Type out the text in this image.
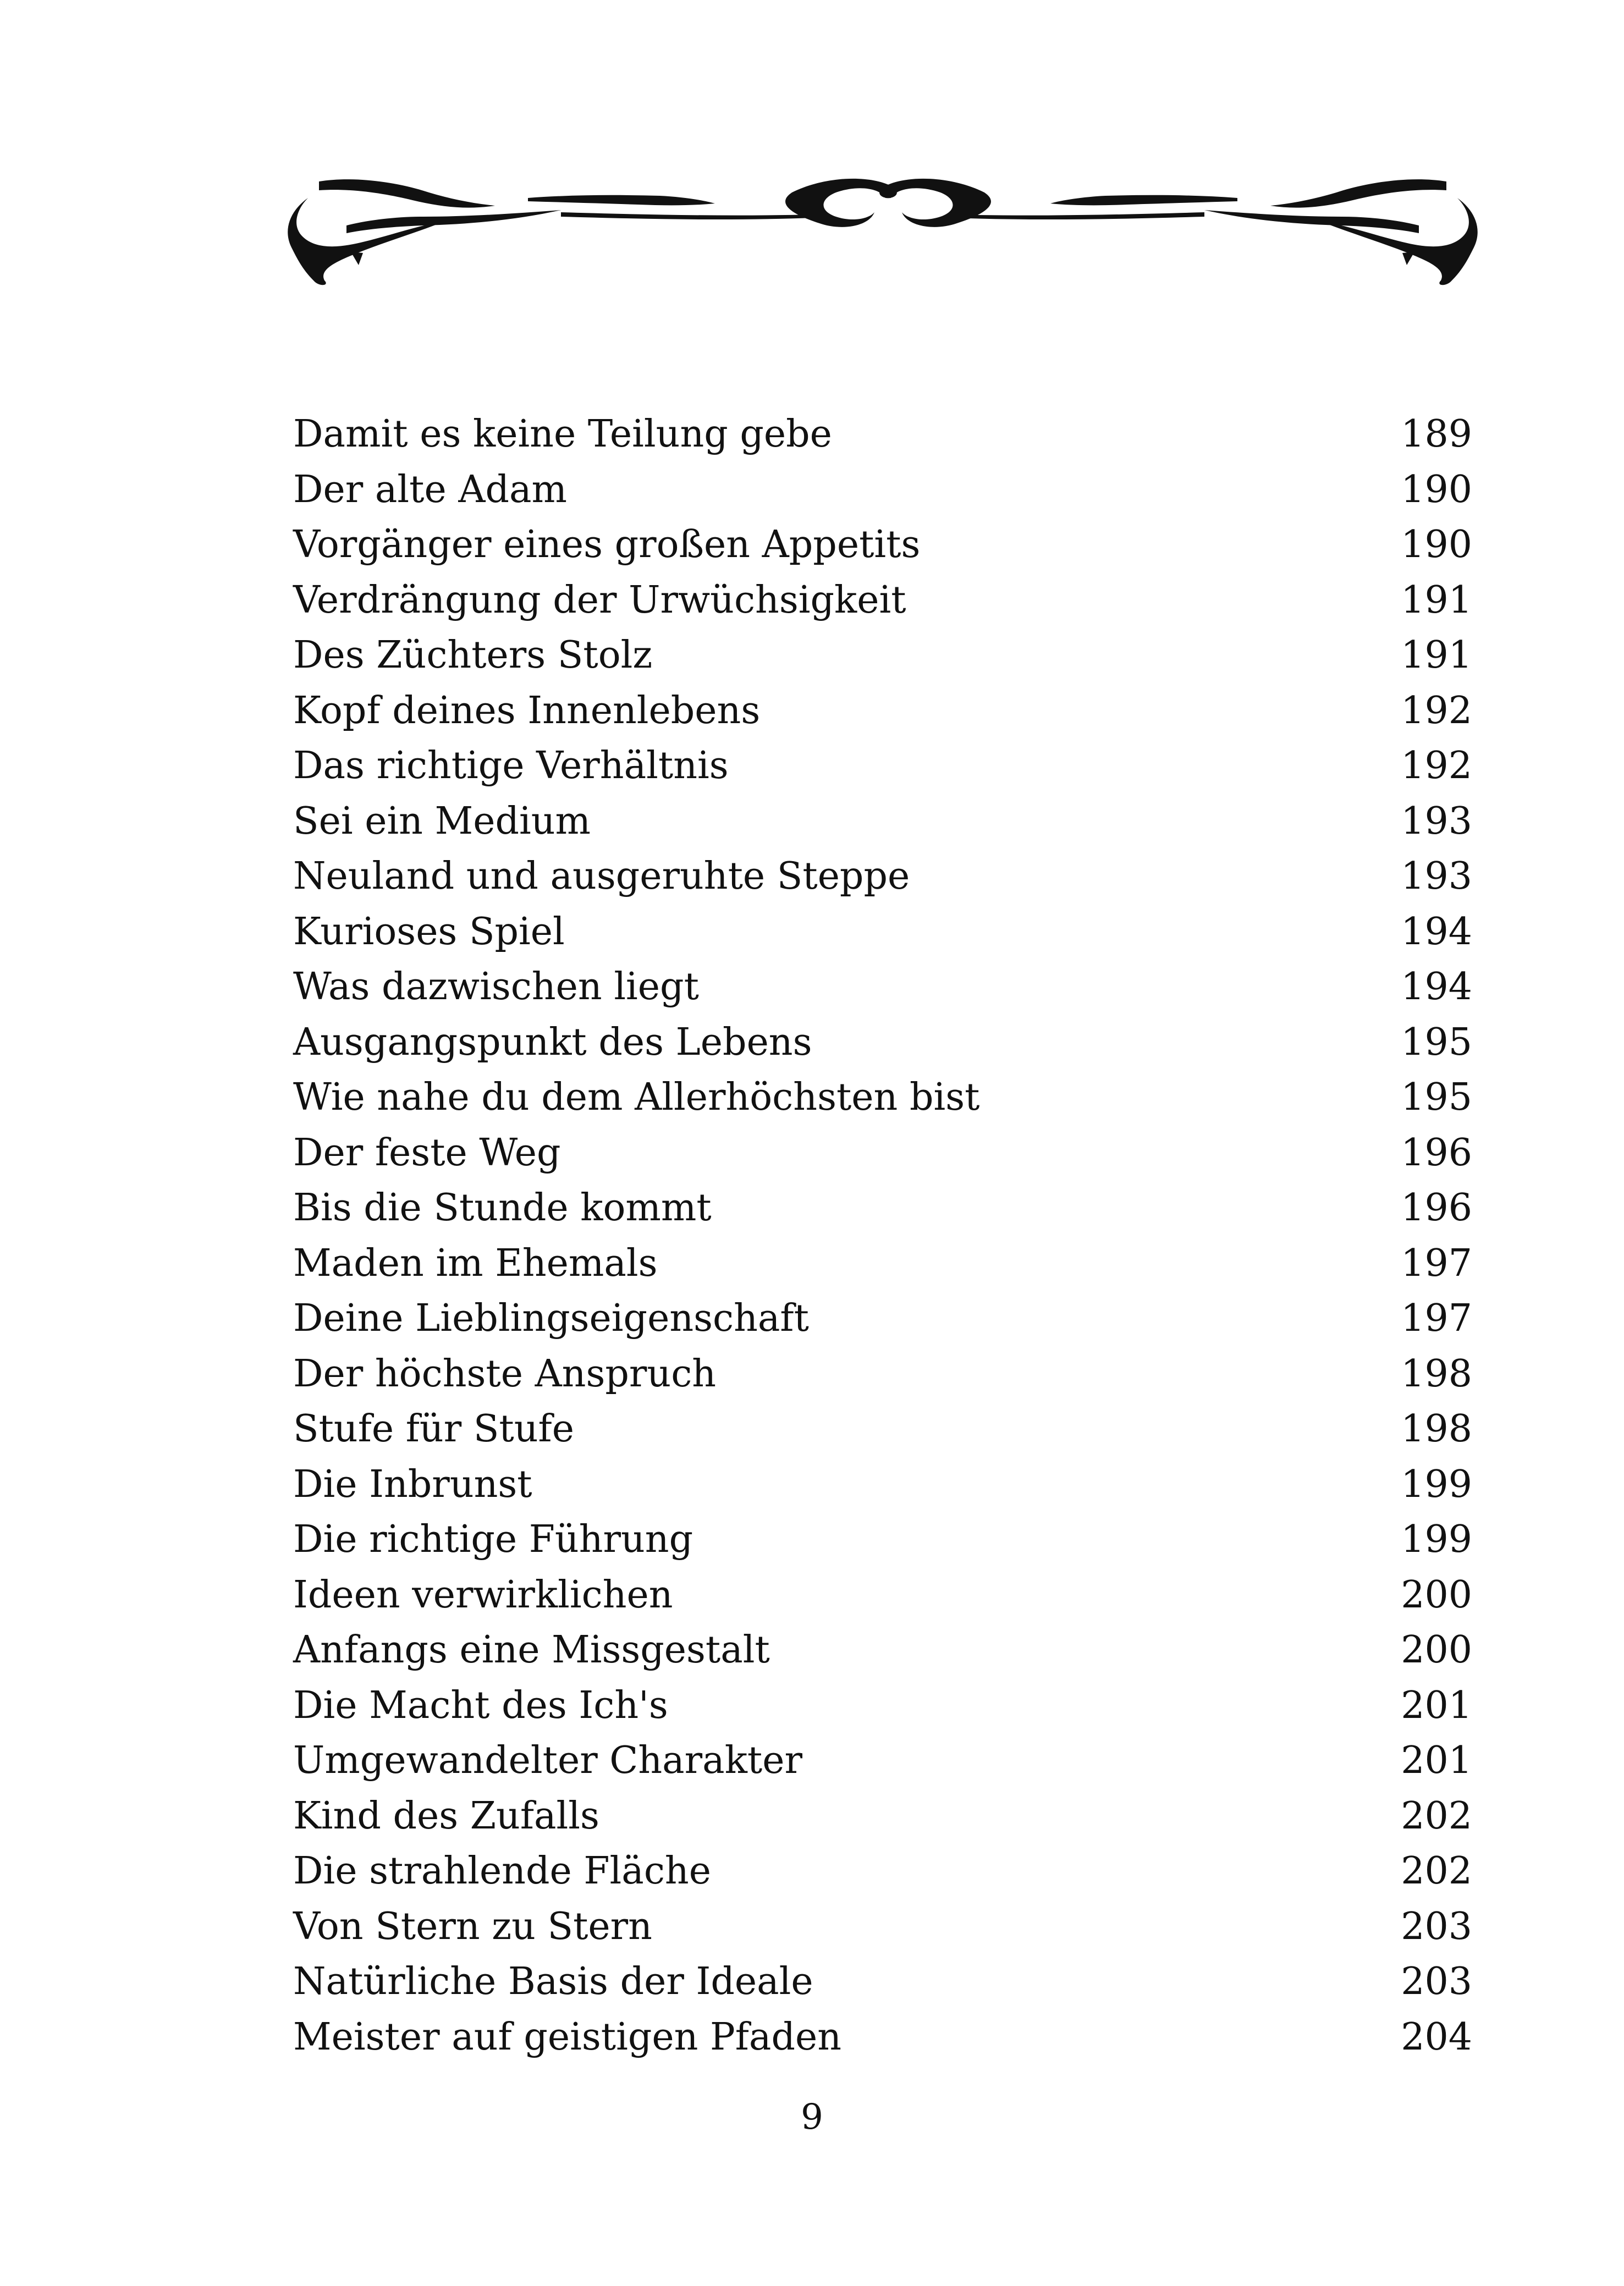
Damit es keine Teilung gebe	189
Der alte Adam	190
Vorgänger eines großen Appetits	190
Verdrängung der Urwüchsigkeit	191
Des Züchters Stolz	191
Kopf deines Innenlebens	192
Das richtige Verhältnis	192
Sei ein Medium	193
Neuland und ausgeruhte Steppe	193
Kurioses Spiel	194
Was dazwischen liegt	194
Ausgangspunkt des Lebens	195
Wie nahe du dem Allerhöchsten bist	195
Der feste Weg	196
Bis die Stunde kommt	196
Maden im Ehemals	197
Deine Lieblingseigenschaft	197
Der höchste Anspruch	198
Stufe für Stufe	198
Die Inbrunst	199
Die richtige Führung	199
Ideen verwirklichen	200
Anfangs eine Missgestalt	200
Die Macht des Ich's	201
Umgewandelter Charakter	201
Kind des Zufalls	202
Die strahlende Fläche	202
Von Stern zu Stern	203
Natürliche Basis der Ideale	203
Meister auf geistigen Pfaden	204
9
